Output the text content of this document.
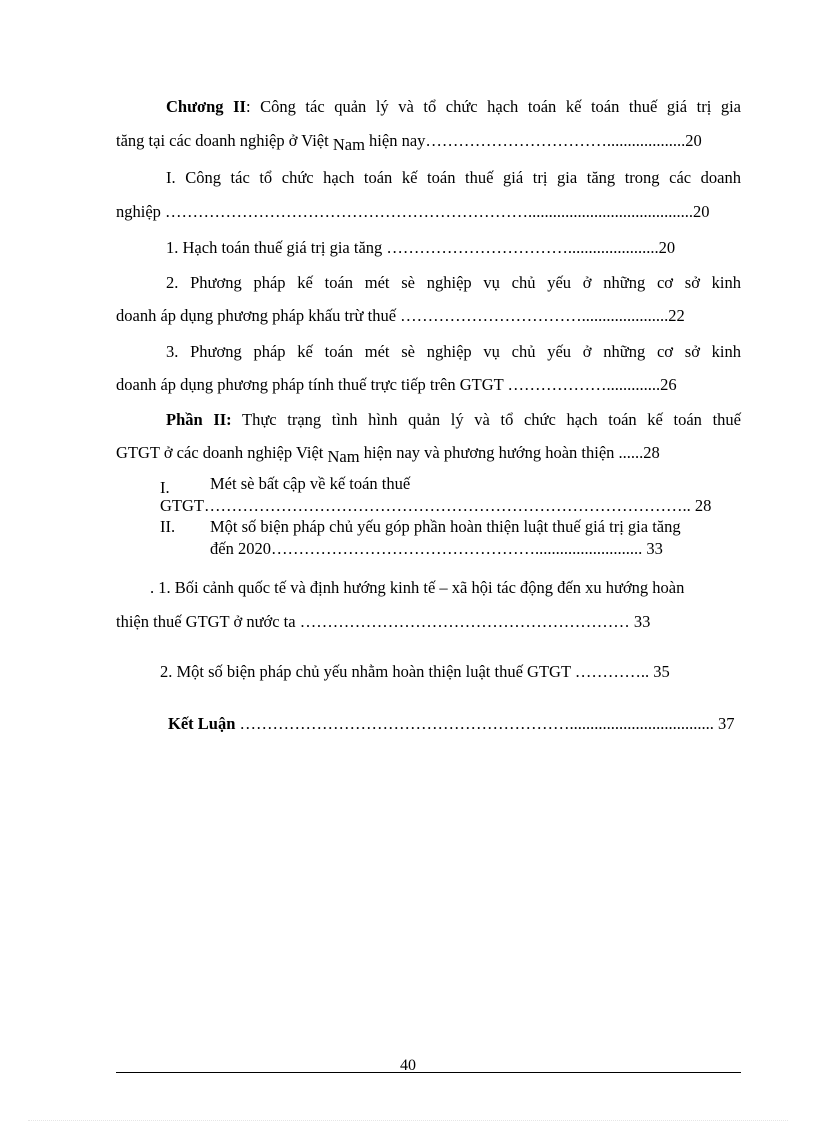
Chương II: Công tác quản lý và tổ chức hạch toán kế toán thuế giá trị gia
tăng tại các doanh nghiệp ở Việt Nam hiện nay……………………………...................20
I. Công tác tổ chức hạch toán kế toán thuế giá trị gia tăng trong các doanh
nghiệp …………………………………………………………........................................20
1. Hạch toán thuế giá trị gia tăng ……………………………......................20
2. Phương pháp kế toán mét sè nghiệp vụ chủ yếu ở những cơ sở kinh
doanh áp dụng phương pháp khấu trừ thuế …………………………….....................22
3. Phương pháp kế toán mét sè nghiệp vụ chủ yếu ở những cơ sở kinh
doanh áp dụng phương pháp tính thuế trực tiếp trên GTGT ……………….............26
Phần II: Thực trạng tình hình quản lý và tổ chức hạch toán kế toán thuế
GTGT ở các doanh nghiệp Việt Nam hiện nay và phương hướng hoàn thiện ......28
I. Mét sè bất cập về kế toán thuế
GTGT…………………………………………………………………………….. 28
II. Một số biện pháp chủ yếu góp phần hoàn thiện luật thuế giá trị gia tăng
đến 2020………………………………………….......................... 33
. 1. Bối cảnh quốc tế và định hướng kinh tế – xã hội tác động đến xu hướng hoàn
thiện thuế GTGT ở nước ta …………………………………………………… 33
2. Một số biện pháp chủ yếu nhằm hoàn thiện luật thuế GTGT ………….. 35
Kết Luận ……………………………………………………................................... 37
40
